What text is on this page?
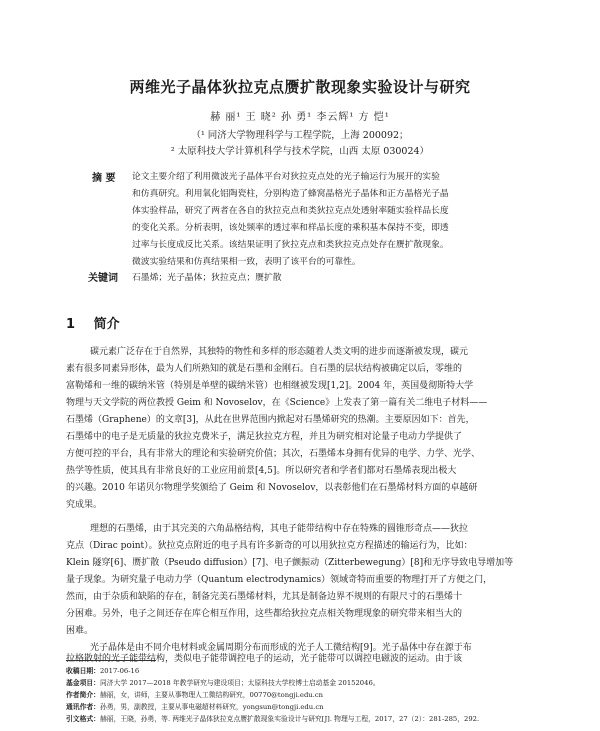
两维光子晶体狄拉克点赝扩散现象实验设计与研究
赫 丽¹ 王 晓² 孙 勇¹ 李云辉¹ 方 恺¹
（¹ 同济大学物理科学与工程学院，上海 200092；
² 太原科技大学计算机科学与技术学院，山西 太原 030024）
摘 要 论文主要介绍了利用微波光子晶体平台对狄拉克点处的光子输运行为展开的实验
和仿真研究。利用氧化铝陶瓷柱，分别构造了蜂窝晶格光子晶体和正方晶格光子晶
体实验样品，研究了两者在各自的狄拉克点和类狄拉克点处透射率随实验样品长度
的变化关系。分析表明，该处频率的透过率和样品长度的乘积基本保持不变，即透
过率与长度成反比关系。该结果证明了狄拉克点和类狄拉克点处存在赝扩散现象。
微波实验结果和仿真结果相一致，表明了该平台的可靠性。
关键词 石墨烯；光子晶体；狄拉克点；赝扩散
1 简介
碳元素广泛存在于自然界，其独特的物性和多样的形态随着人类文明的进步而逐渐被发现，碳元
素有很多同素异形体，最为人们所熟知的就是石墨和金刚石。自石墨的层状结构被确定以后，零维的
富勒烯和一维的碳纳米管（特别是单壁的碳纳米管）也相继被发现[1,2]。2004 年，英国曼彻斯特大学
物理与天文学院的两位教授 Geim 和 Novoselov，在《Science》上发表了第一篇有关二维电子材料——
石墨烯（Graphene）的文章[3]，从此在世界范围内掀起对石墨烯研究的热潮。主要原因如下：首先，
石墨烯中的电子是无质量的狄拉克费米子，满足狄拉克方程，并且为研究相对论量子电动力学提供了
方便可控的平台，具有非常大的理论和实验研究价值；其次，石墨烯本身拥有优异的电学、力学、光学、
热学等性质，使其具有非常良好的工业应用前景[4,5]。所以研究者和学者们都对石墨烯表现出极大
的兴趣。2010 年诺贝尔物理学奖颁给了 Geim 和 Novoselov，以表彰他们在石墨烯材料方面的卓越研
究成果。
理想的石墨烯，由于其完美的六角晶格结构，其电子能带结构中存在特殊的圆锥形奇点——狄拉
克点（Dirac point）。狄拉克点附近的电子具有许多新奇的可以用狄拉克方程描述的输运行为，比如：
Klein 隧穿[6]、赝扩散（Pseudo diffusion）[7]、电子颤振动（Zitterbewegung）[8]和无序导致电导增加等
量子现象。为研究量子电动力学（Quantum electrodynamics）领域奇特而重要的物理打开了方便之门，
然而，由于杂质和缺陷的存在，制备完美石墨烯材料，尤其是制备边界不规则的有限尺寸的石墨烯十
分困难。另外，电子之间还存在库仑相互作用，这些都给狄拉克点相关物理现象的研究带来相当大的
困难。
光子晶体是由不同介电材料或金属周期分布而形成的光子人工微结构[9]。光子晶体中存在源于布
拉格散射的光子能带结构，类似电子能带调控电子的运动，光子能带可以调控电磁波的运动。由于该
收稿日期：2017-06-16
基金项目：同济大学 2017—2018 年教学研究与建设项目；太原科技大学校博士启动基金 20152046。
作者简介：赫丽，女，讲师，主要从事物理人工微结构研究，00770@tongji.edu.cn
通讯作者：孙勇，男，副教授，主要从事电磁超材料研究，yongsun@tongji.edu.cn
引文格式：赫丽，王晓，孙勇，等. 两维光子晶体狄拉克点赝扩散现象实验设计与研究[J]. 物理与工程，2017，27（2）：281-285，292.
